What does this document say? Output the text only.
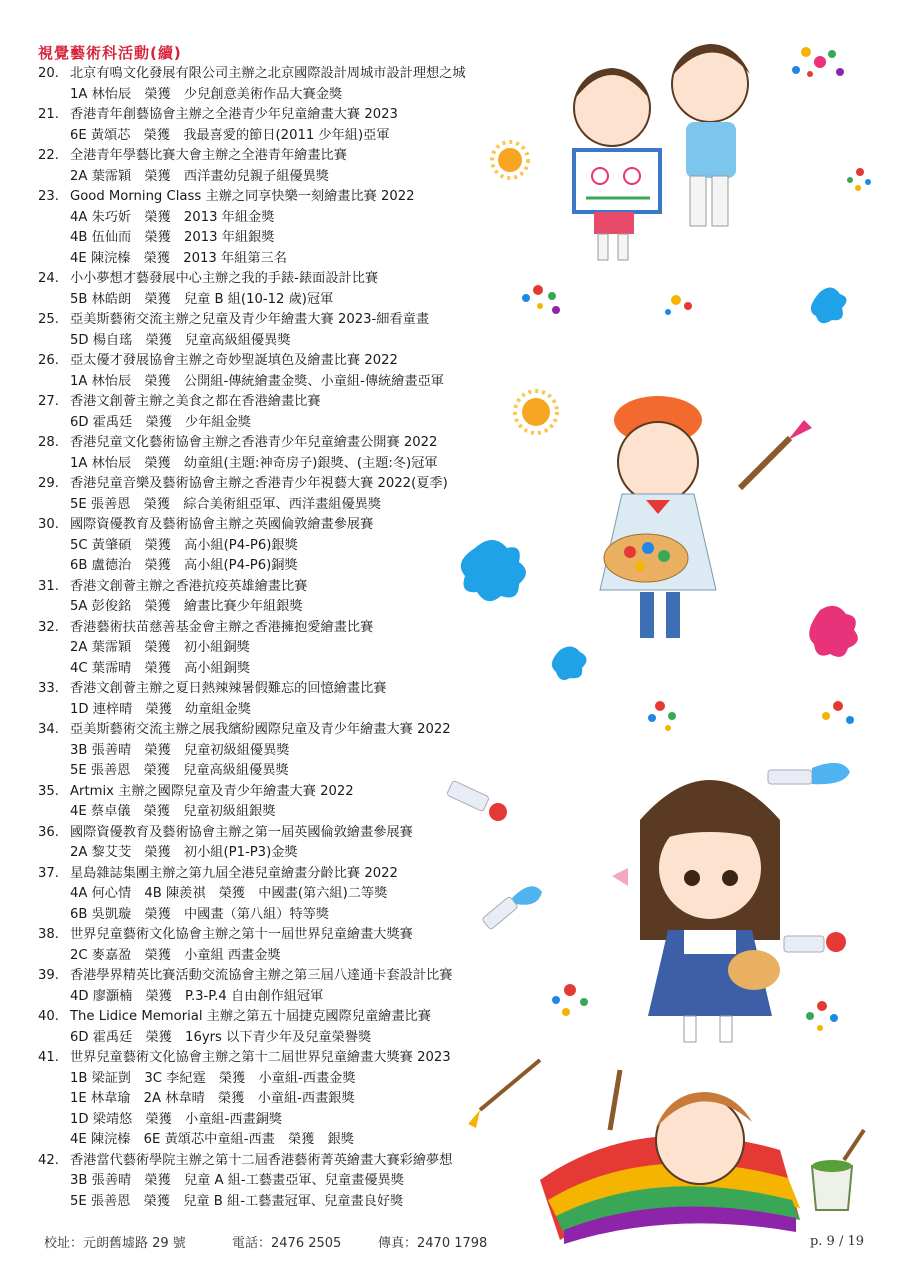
視覺藝術科活動(續)
20. 北京有鳴文化發展有限公司主辦之北京國際設計周城市設計理想之城
1A 林怡辰　榮獲　少兒創意美術作品大賽金獎
21. 香港青年創藝協會主辦之全港青少年兒童繪畫大賽 2023
6E 黃頌芯　榮獲　我最喜愛的節日(2011 少年組)亞軍
22. 全港青年學藝比賽大會主辦之全港青年繪畫比賽
2A 葉霈穎　榮獲　西洋畫幼兒親子組優異獎
23. Good Morning Class 主辦之同享快樂一刻繪畫比賽 2022
4A 朱巧妡　榮獲　2013 年組金獎
4B 伍仙而　榮獲　2013 年組銀獎
4E 陳浣榛　榮獲　2013 年組第三名
24. 小小夢想才藝發展中心主辦之我的手錶-錶面設計比賽
5B 林皓朗　榮獲　兒童 B 組(10-12 歲)冠軍
25. 亞美斯藝術交流主辦之兒童及青少年繪畫大賽 2023-細看童畫
5D 楊自瑤　榮獲　兒童高級組優異獎
26. 亞太優才發展協會主辦之奇妙聖誕填色及繪畫比賽 2022
1A 林怡辰　榮獲　公開組-傳統繪畫金獎、小童組-傳統繪畫亞軍
27. 香港文創薈主辦之美食之都在香港繪畫比賽
6D 霍禹廷　榮獲　少年組金獎
28. 香港兒童文化藝術協會主辦之香港青少年兒童繪畫公開賽 2022
1A 林怡辰　榮獲　幼童組(主題:神奇房子)銀獎、(主題:冬)冠軍
29. 香港兒童音樂及藝術協會主辦之香港青少年視藝大賽 2022(夏季)
5E 張善恩　榮獲　綜合美術組亞軍、西洋畫組優異獎
30. 國際資優教育及藝術協會主辦之英國倫敦繪畫參展賽
5C 黃肇碩　榮獲　高小組(P4-P6)銀獎
6B 盧德治　榮獲　高小組(P4-P6)銅獎
31. 香港文創薈主辦之香港抗疫英雄繪畫比賽
5A 彭俊銘　榮獲　繪畫比賽少年組銀獎
32. 香港藝術扶苗慈善基金會主辦之香港擁抱愛繪畫比賽
2A 葉霈穎　榮獲　初小組銅獎
4C 葉霈晴　榮獲　高小組銅獎
33. 香港文創薈主辦之夏日熱辣辣暑假難忘的回憶繪畫比賽
1D 連梓晴　榮獲　幼童組金獎
34. 亞美斯藝術交流主辦之展我繽紛國際兒童及青少年繪畫大賽 2022
3B 張善晴　榮獲　兒童初級組優異獎
5E 張善恩　榮獲　兒童高級組優異獎
35. Artmix 主辦之國際兒童及青少年繪畫大賽 2022
4E 蔡卓儀　榮獲　兒童初級組銀獎
36. 國際資優教育及藝術協會主辦之第一屆英國倫敦繪畫參展賽
2A 黎艾芠　榮獲　初小組(P1-P3)金獎
37. 星島雜誌集團主辦之第九屆全港兒童繪畫分齡比賽 2022
4A 何心情　4B 陳羨祺　榮獲　中國畫(第六組)二等獎
6B 吳凱璇　榮獲　中國畫（第八組）特等獎
38. 世界兒童藝術文化協會主辦之第十一屆世界兒童繪畫大獎賽
2C 麥嘉盈　榮獲　小童組 西畫金獎
39. 香港學界精英比賽活動交流協會主辦之第三屆八達通卡套設計比賽
4D 廖灝楠　榮獲　P.3-P.4 自由創作組冠軍
40. The Lidice Memorial 主辦之第五十屆捷克國際兒童繪畫比賽
6D 霍禹廷　榮獲　16yrs 以下青少年及兒童榮譽獎
41. 世界兒童藝術文化協會主辦之第十二屆世界兒童繪畫大獎賽 2023
1B 梁証剴　3C 李紀霆　榮獲　小童組-西畫金獎
1E 林韋瑜　2A 林韋晴　榮獲　小童組-西畫銀獎
1D 梁靖悠　榮獲　小童組-西畫銅獎
4E 陳浣榛　6E 黃頌芯中童組-西畫　榮獲　銀獎
42. 香港當代藝術學院主辦之第十二屆香港藝術菁英繪畫大賽彩繪夢想
3B 張善晴　榮獲　兒童 A 組-工藝畫亞軍、兒童畫優異獎
5E 張善恩　榮獲　兒童 B 組-工藝畫冠軍、兒童畫良好獎
校址：元朗舊墟路 29 號	電話：2476 2505	傳真：2470 1798	p. 9 / 19
